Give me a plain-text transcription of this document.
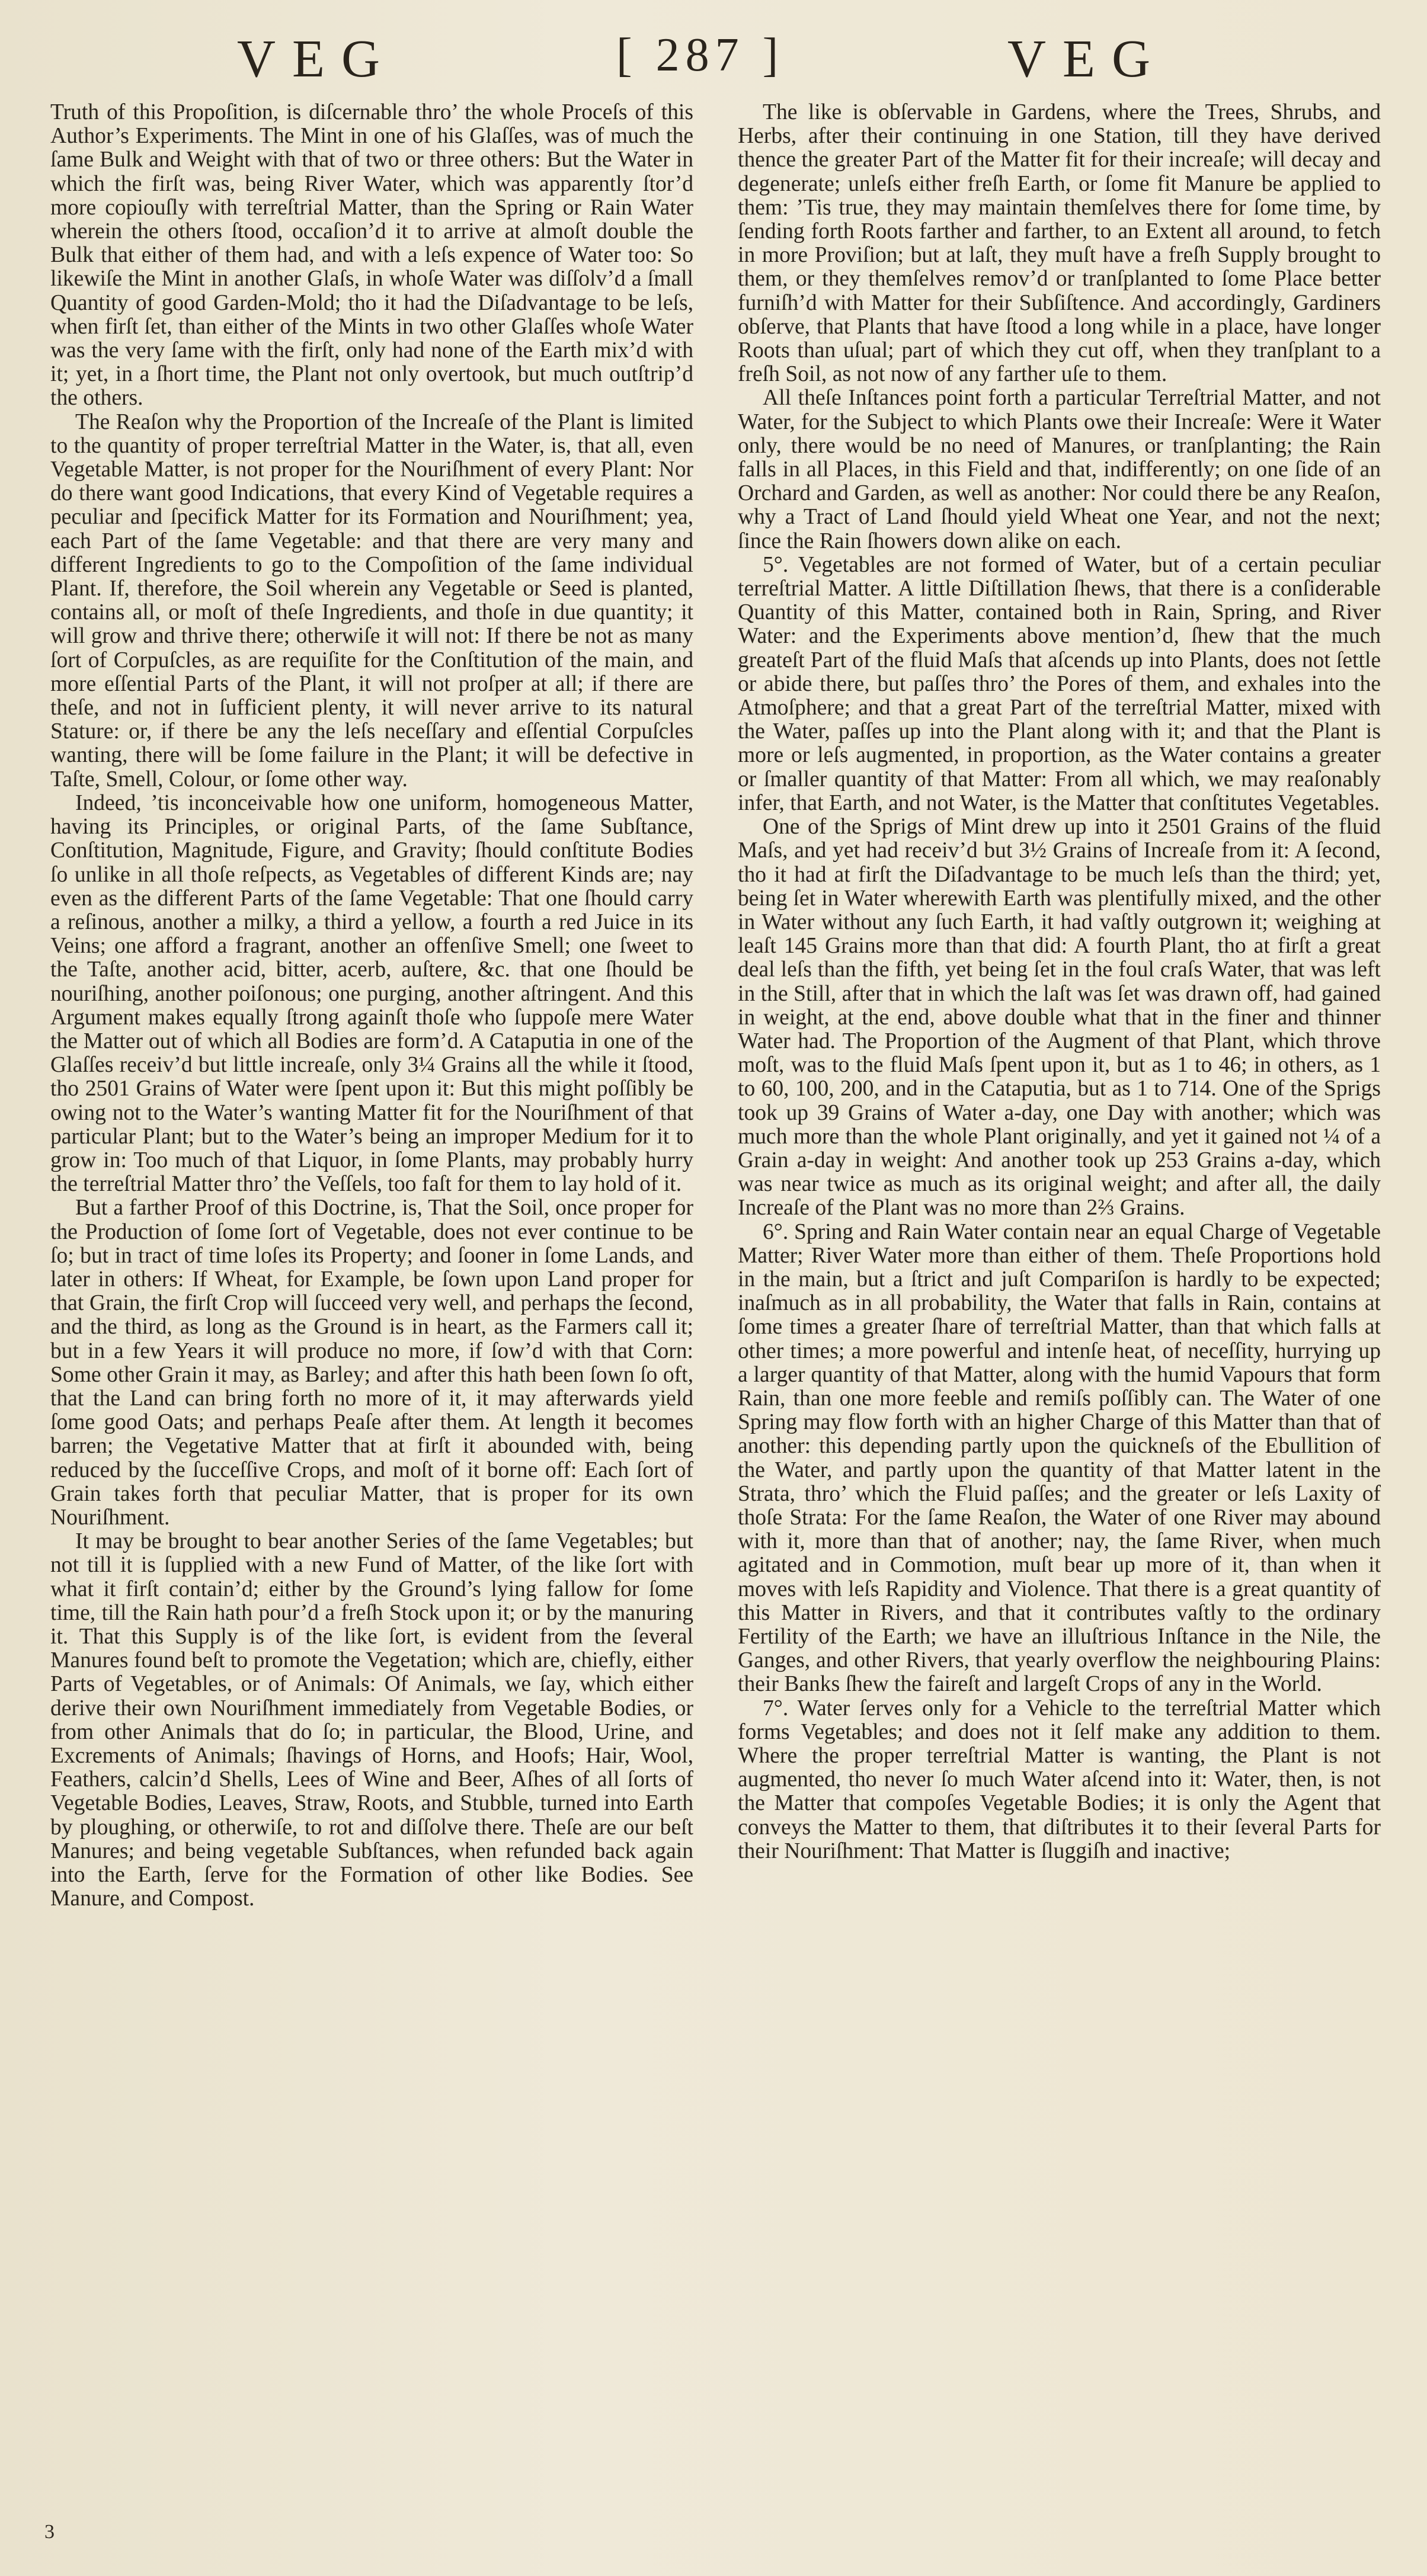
VEG	[ 287 ]	VEG

Truth of this Propoſition, is diſcernable thro’ the whole Proceſs of this Author’s Experiments. The Mint in one of his Glaſſes, was of much the ſame Bulk and Weight with that of two or three others: But the Water in which the firſt was, being River Water, which was apparently ſtor’d more copiouſly with terreſtrial Matter, than the Spring or Rain Water wherein the others ſtood, occaſion’d it to arrive at almoſt double the Bulk that either of them had, and with a leſs expence of Water too: So likewiſe the Mint in another Glaſs, in whoſe Water was diſſolv’d a ſmall Quantity of good Garden-Mold; tho it had the Diſadvantage to be leſs, when firſt ſet, than either of the Mints in two other Glaſſes whoſe Water was the very ſame with the firſt, only had none of the Earth mix’d with it; yet, in a ſhort time, the Plant not only overtook, but much outſtrip’d the others.

The Reaſon why the Proportion of the Increaſe of the Plant is limited to the quantity of proper terreſtrial Matter in the Water, is, that all, even Vegetable Matter, is not proper for the Nouriſhment of every Plant: Nor do there want good Indications, that every Kind of Vegetable requires a peculiar and ſpecifick Matter for its Formation and Nouriſhment; yea, each Part of the ſame Vegetable: and that there are very many and different Ingredients to go to the Compoſition of the ſame individual Plant. If, therefore, the Soil wherein any Vegetable or Seed is planted, contains all, or moſt of theſe Ingredients, and thoſe in due quantity; it will grow and thrive there; otherwiſe it will not: If there be not as many ſort of Corpuſcles, as are requiſite for the Conſtitution of the main, and more eſſential Parts of the Plant, it will not proſper at all; if there are theſe, and not in ſufficient plenty, it will never arrive to its natural Stature: or, if there be any the leſs neceſſary and eſſential Corpuſcles wanting, there will be ſome failure in the Plant; it will be defective in Taſte, Smell, Colour, or ſome other way.

Indeed, ’tis inconceivable how one uniform, homogeneous Matter, having its Principles, or original Parts, of the ſame Subſtance, Conſtitution, Magnitude, Figure, and Gravity; ſhould conſtitute Bodies ſo unlike in all thoſe reſpects, as Vegetables of different Kinds are; nay even as the different Parts of the ſame Vegetable: That one ſhould carry a reſinous, another a milky, a third a yellow, a fourth a red Juice in its Veins; one afford a fragrant, another an offenſive Smell; one ſweet to the Taſte, another acid, bitter, acerb, auſtere, &c. that one ſhould be nouriſhing, another poiſonous; one purging, another aſtringent. And this Argument makes equally ſtrong againſt thoſe who ſuppoſe mere Water the Matter out of which all Bodies are form’d. A Cataputia in one of the Glaſſes receiv’d but little increaſe, only 3¼ Grains all the while it ſtood, tho 2501 Grains of Water were ſpent upon it: But this might poſſibly be owing not to the Water’s wanting Matter fit for the Nouriſhment of that particular Plant; but to the Water’s being an improper Medium for it to grow in: Too much of that Liquor, in ſome Plants, may probably hurry the terreſtrial Matter thro’ the Veſſels, too faſt for them to lay hold of it.

But a farther Proof of this Doctrine, is, That the Soil, once proper for the Production of ſome ſort of Vegetable, does not ever continue to be ſo; but in tract of time loſes its Property; and ſooner in ſome Lands, and later in others: If Wheat, for Example, be ſown upon Land proper for that Grain, the firſt Crop will ſucceed very well, and perhaps the ſecond, and the third, as long as the Ground is in heart, as the Farmers call it; but in a few Years it will produce no more, if ſow’d with that Corn: Some other Grain it may, as Barley; and after this hath been ſown ſo oft, that the Land can bring forth no more of it, it may afterwards yield ſome good Oats; and perhaps Peaſe after them. At length it becomes barren; the Vegetative Matter that at firſt it abounded with, being reduced by the ſucceſſive Crops, and moſt of it borne off: Each ſort of Grain takes forth that peculiar Matter, that is proper for its own Nouriſhment.

It may be brought to bear another Series of the ſame Vegetables; but not till it is ſupplied with a new Fund of Matter, of the like ſort with what it firſt contain’d; either by the Ground’s lying fallow for ſome time, till the Rain hath pour’d a freſh Stock upon it; or by the manuring it. That this Supply is of the like ſort, is evident from the ſeveral Manures found beſt to promote the Vegetation; which are, chiefly, either Parts of Vegetables, or of Animals: Of Animals, we ſay, which either derive their own Nouriſhment immediately from Vegetable Bodies, or from other Animals that do ſo; in particular, the Blood, Urine, and Excrements of Animals; ſhavings of Horns, and Hoofs; Hair, Wool, Feathers, calcin’d Shells, Lees of Wine and Beer, Aſhes of all ſorts of Vegetable Bodies, Leaves, Straw, Roots, and Stubble, turned into Earth by ploughing, or otherwiſe, to rot and diſſolve there. Theſe are our beſt Manures; and being vegetable Subſtances, when refunded back again into the Earth, ſerve for the Formation of other like Bodies. See Manure, and Compost.

The like is obſervable in Gardens, where the Trees, Shrubs, and Herbs, after their continuing in one Station, till they have derived thence the greater Part of the Matter fit for their increaſe; will decay and degenerate; unleſs either freſh Earth, or ſome fit Manure be applied to them: ’Tis true, they may maintain themſelves there for ſome time, by ſending forth Roots farther and farther, to an Extent all around, to fetch in more Proviſion; but at laſt, they muſt have a freſh Supply brought to them, or they themſelves remov’d or tranſplanted to ſome Place better furniſh’d with Matter for their Subſiſtence. And accordingly, Gardiners obſerve, that Plants that have ſtood a long while in a place, have longer Roots than uſual; part of which they cut off, when they tranſplant to a freſh Soil, as not now of any farther uſe to them.

All theſe Inſtances point forth a particular Terreſtrial Matter, and not Water, for the Subject to which Plants owe their Increaſe: Were it Water only, there would be no need of Manures, or tranſplanting; the Rain falls in all Places, in this Field and that, indifferently; on one ſide of an Orchard and Garden, as well as another: Nor could there be any Reaſon, why a Tract of Land ſhould yield Wheat one Year, and not the next; ſince the Rain ſhowers down alike on each.

5°. Vegetables are not formed of Water, but of a certain peculiar terreſtrial Matter. A little Diſtillation ſhews, that there is a conſiderable Quantity of this Matter, contained both in Rain, Spring, and River Water: and the Experiments above mention’d, ſhew that the much greateſt Part of the fluid Maſs that aſcends up into Plants, does not ſettle or abide there, but paſſes thro’ the Pores of them, and exhales into the Atmoſphere; and that a great Part of the terreſtrial Matter, mixed with the Water, paſſes up into the Plant along with it; and that the Plant is more or leſs augmented, in proportion, as the Water contains a greater or ſmaller quantity of that Matter: From all which, we may reaſonably infer, that Earth, and not Water, is the Matter that conſtitutes Vegetables.

One of the Sprigs of Mint drew up into it 2501 Grains of the fluid Maſs, and yet had receiv’d but 3½ Grains of Increaſe from it: A ſecond, tho it had at firſt the Diſadvantage to be much leſs than the third; yet, being ſet in Water wherewith Earth was plentifully mixed, and the other in Water without any ſuch Earth, it had vaſtly outgrown it; weighing at leaſt 145 Grains more than that did: A fourth Plant, tho at firſt a great deal leſs than the fifth, yet being ſet in the foul craſs Water, that was left in the Still, after that in which the laſt was ſet was drawn off, had gained in weight, at the end, above double what that in the finer and thinner Water had. The Proportion of the Augment of that Plant, which throve moſt, was to the fluid Maſs ſpent upon it, but as 1 to 46; in others, as 1 to 60, 100, 200, and in the Cataputia, but as 1 to 714. One of the Sprigs took up 39 Grains of Water a-day, one Day with another; which was much more than the whole Plant originally, and yet it gained not ¼ of a Grain a-day in weight: And another took up 253 Grains a-day, which was near twice as much as its original weight; and after all, the daily Increaſe of the Plant was no more than 2⅔ Grains.

6°. Spring and Rain Water contain near an equal Charge of Vegetable Matter; River Water more than either of them. Theſe Proportions hold in the main, but a ſtrict and juſt Compariſon is hardly to be expected; inaſmuch as in all probability, the Water that falls in Rain, contains at ſome times a greater ſhare of terreſtrial Matter, than that which falls at other times; a more powerful and intenſe heat, of neceſſity, hurrying up a larger quantity of that Matter, along with the humid Vapours that form Rain, than one more feeble and remiſs poſſibly can. The Water of one Spring may flow forth with an higher Charge of this Matter than that of another: this depending partly upon the quickneſs of the Ebullition of the Water, and partly upon the quantity of that Matter latent in the Strata, thro’ which the Fluid paſſes; and the greater or leſs Laxity of thoſe Strata: For the ſame Reaſon, the Water of one River may abound with it, more than that of another; nay, the ſame River, when much agitated and in Commotion, muſt bear up more of it, than when it moves with leſs Rapidity and Violence. That there is a great quantity of this Matter in Rivers, and that it contributes vaſtly to the ordinary Fertility of the Earth; we have an illuſtrious Inſtance in the Nile, the Ganges, and other Rivers, that yearly overflow the neighbouring Plains: their Banks ſhew the faireſt and largeſt Crops of any in the World.

7°. Water ſerves only for a Vehicle to the terreſtrial Matter which forms Vegetables; and does not it ſelf make any addition to them. Where the proper terreſtrial Matter is wanting, the Plant is not augmented, tho never ſo much Water aſcend into it: Water, then, is not the Matter that compoſes Vegetable Bodies; it is only the Agent that conveys the Matter to them, that diſtributes it to their ſeveral Parts for their Nouriſhment: That Matter is ſluggiſh and inactive;

3
